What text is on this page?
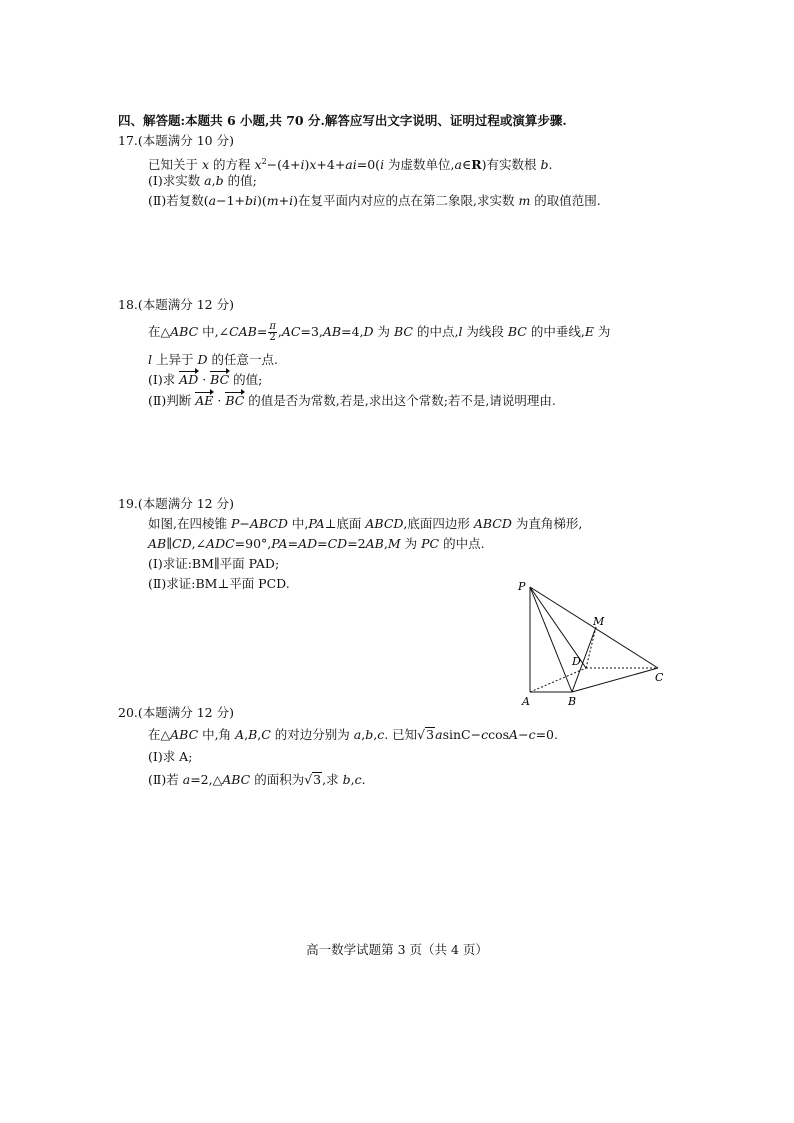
四、解答题:本题共 6 小题,共 70 分.解答应写出文字说明、证明过程或演算步骤.
17.(本题满分 10 分)
已知关于 x 的方程 $x^2-(4+i)x+4+ai=0(i$ 为虚数单位,a∈R)有实数根 b.
(Ⅰ)求实数 a,b 的值;
(Ⅱ)若复数(a−1+bi)(m+i)在复平面内对应的点在第二象限,求实数 m 的取值范围.
18.(本题满分 12 分)
在△ABC 中,∠CAB= $\frac{\pi}{2} ,AC=3,AB=4,D$ 为 BC 的中点,l 为线段 BC 的中垂线,E 为
l 上异于 D 的任意一点.
(Ⅰ)求 AD · BC 的值;
(Ⅱ)判断 AE · BC 的值是否为常数,若是,求出这个常数;若不是,请说明理由.
19.(本题满分 12 分)
如图,在四棱锥 P−ABCD 中,PA⊥底面 ABCD,底面四边形 ABCD 为直角梯形,
AB∥CD,∠ADC=90°,PA=AD=CD=2AB,M 为 PC 的中点.
(Ⅰ)求证:BM∥平面 PAD;
(Ⅱ)求证:BM⊥平面 PCD.	P
M
D
C
A	B
20.(本题满分 12 分)
在△ABC 中,角 A,B,C 的对边分别为 a,b,c. 已知√3asinC−ccosA−c=0.
(Ⅰ)求 A;
(Ⅱ)若 a=2,△ABC 的面积为√3,求 b,c.
高一数学试题第 3 页（共 4 页）
